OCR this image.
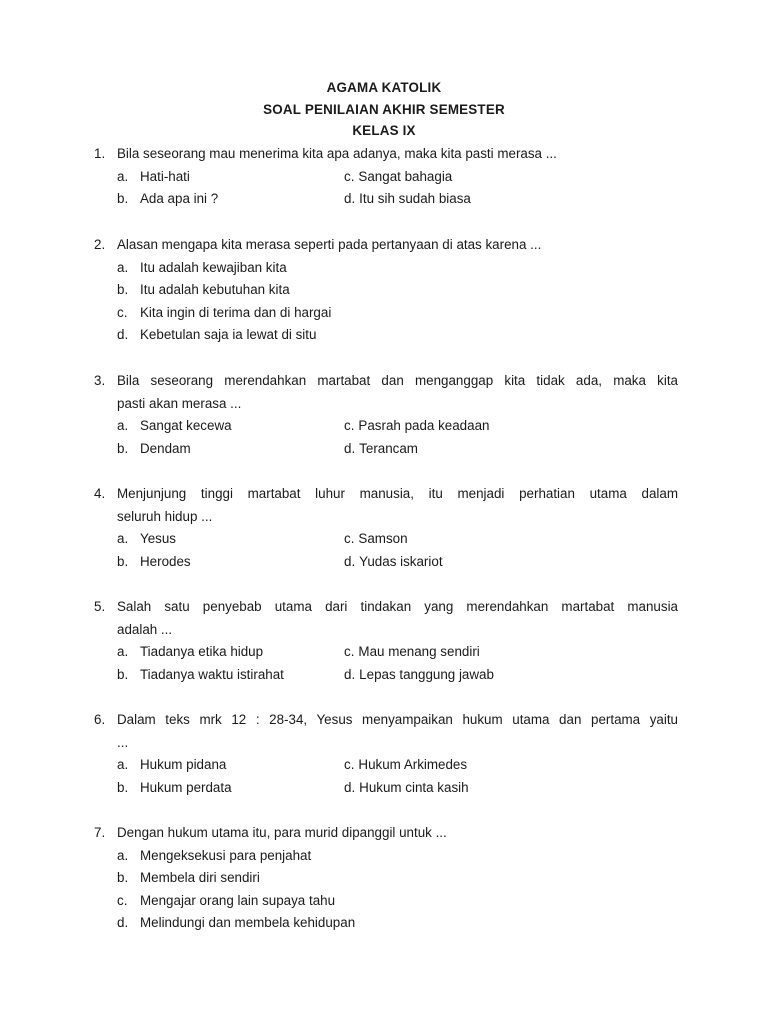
AGAMA KATOLIK
SOAL PENILAIAN AKHIR SEMESTER
KELAS IX
1. Bila seseorang mau menerima kita apa adanya, maka kita pasti merasa ...
a. Hati-hati	c. Sangat bahagia
b. Ada apa ini ?	d. Itu sih sudah biasa
2. Alasan mengapa kita merasa seperti pada pertanyaan di atas karena ...
a. Itu adalah kewajiban kita
b. Itu adalah kebutuhan kita
c. Kita ingin di terima dan di hargai
d. Kebetulan saja ia lewat di situ
3. Bila seseorang merendahkan martabat dan menganggap kita tidak ada, maka kita
pasti akan merasa ...
a. Sangat kecewa	c. Pasrah pada keadaan
b. Dendam	d. Terancam
4. Menjunjung tinggi martabat luhur manusia, itu menjadi perhatian utama dalam
seluruh hidup ...
a. Yesus	c. Samson
b. Herodes	d. Yudas iskariot
5. Salah satu penyebab utama dari tindakan yang merendahkan martabat manusia
adalah ...
a. Tiadanya etika hidup	c. Mau menang sendiri
b. Tiadanya waktu istirahat	d. Lepas tanggung jawab
6. Dalam teks mrk 12 : 28-34, Yesus menyampaikan hukum utama dan pertama yaitu
...
a. Hukum pidana	c. Hukum Arkimedes
b. Hukum perdata	d. Hukum cinta kasih
7. Dengan hukum utama itu, para murid dipanggil untuk ...
a. Mengeksekusi para penjahat
b. Membela diri sendiri
c. Mengajar orang lain supaya tahu
d. Melindungi dan membela kehidupan
